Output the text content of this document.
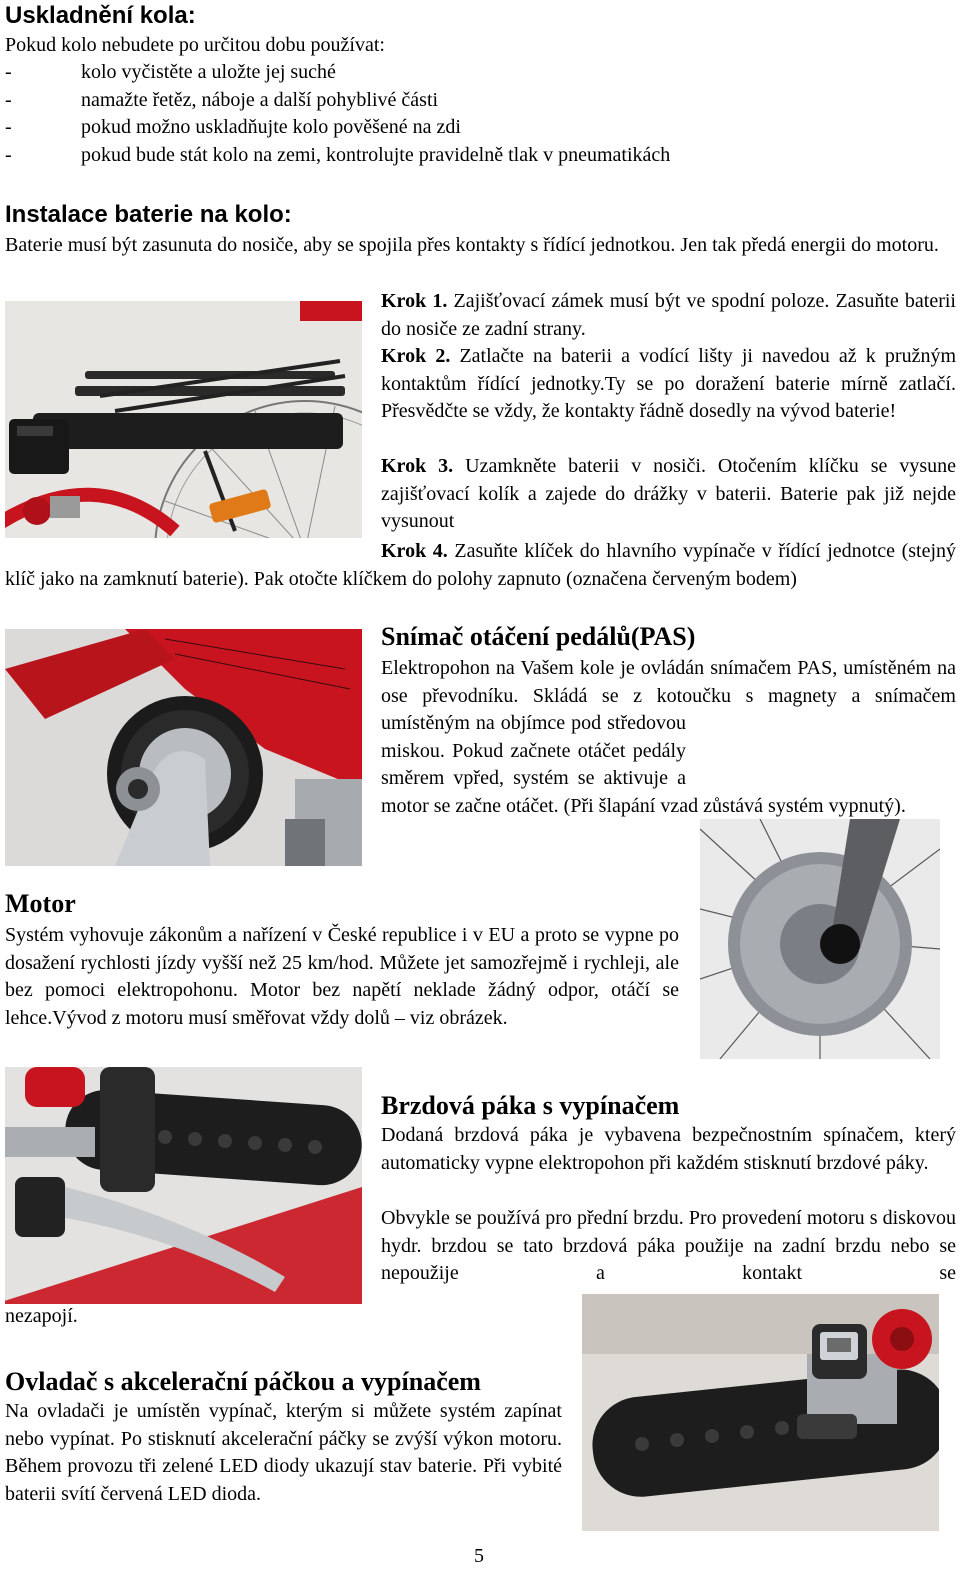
Uskladnění kola:
Pokud kolo nebudete po určitou dobu používat:
-	kolo vyčistěte a uložte jej suché
-	namažte řetěz, náboje a další pohyblivé části
-	pokud možno uskladňujte kolo pověšené na zdi
-	pokud bude stát kolo na zemi, kontrolujte pravidelně tlak v pneumatikách
Instalace baterie na kolo:
Baterie musí být zasunuta do nosiče, aby se spojila přes kontakty s řídící jednotkou. Jen tak předá energii do motoru.
Krok 1. Zajišťovací zámek musí být ve spodní poloze. Zasuňte baterii do nosiče ze zadní strany.
Krok 2. Zatlačte na baterii a vodící lišty ji navedou až k pružným kontaktům řídící jednotky.Ty se po doražení baterie mírně zatlačí. Přesvědčte se vždy, že kontakty řádně dosedly na vývod baterie!
Krok 3. Uzamkněte baterii v nosiči. Otočením klíčku se vysune zajišťovací kolík a zajede do drážky v baterii. Baterie pak již nejde vysunout
Krok 4. Zasuňte klíček do hlavního vypínače v řídící jednotce (stejný klíč jako na zamknutí baterie). Pak otočte klíčkem do polohy zapnuto (označena červeným bodem)
Snímač otáčení pedálů(PAS)
Elektropohon na Vašem kole je ovládán snímačem PAS, umístěném na ose převodníku. Skládá se z kotoučku s magnety a snímačem umístěným na objímce pod středovou miskou. Pokud začnete otáčet pedály směrem vpřed, systém se aktivuje a motor se začne otáčet. (Při šlapání vzad zůstává systém vypnutý).
Motor
Systém vyhovuje zákonům a nařízení v České republice i v EU a proto se vypne po dosažení rychlosti jízdy vyšší než 25 km/hod. Můžete jet samozřejmě i rychleji, ale bez pomoci elektropohonu. Motor bez napětí neklade žádný odpor, otáčí se lehce.Vývod z motoru musí směřovat vždy dolů – viz obrázek.
Brzdová páka s vypínačem
Dodaná brzdová páka je vybavena bezpečnostním spínačem, který automaticky vypne elektropohon při každém stisknutí brzdové páky.
Obvykle se používá pro přední brzdu. Pro provedení motoru s diskovou hydr. brzdou se tato brzdová páka použije na zadní brzdu nebo se nepoužije a kontakt se
nezapojí.
Ovladač s akcelerační páčkou a vypínačem
Na ovladači je umístěn vypínač, kterým si můžete systém zapínat nebo vypínat. Po stisknutí akcelerační páčky se zvýší výkon motoru. Během provozu tři zelené LED diody ukazují stav baterie. Při vybité baterii svítí červená LED dioda.
5
